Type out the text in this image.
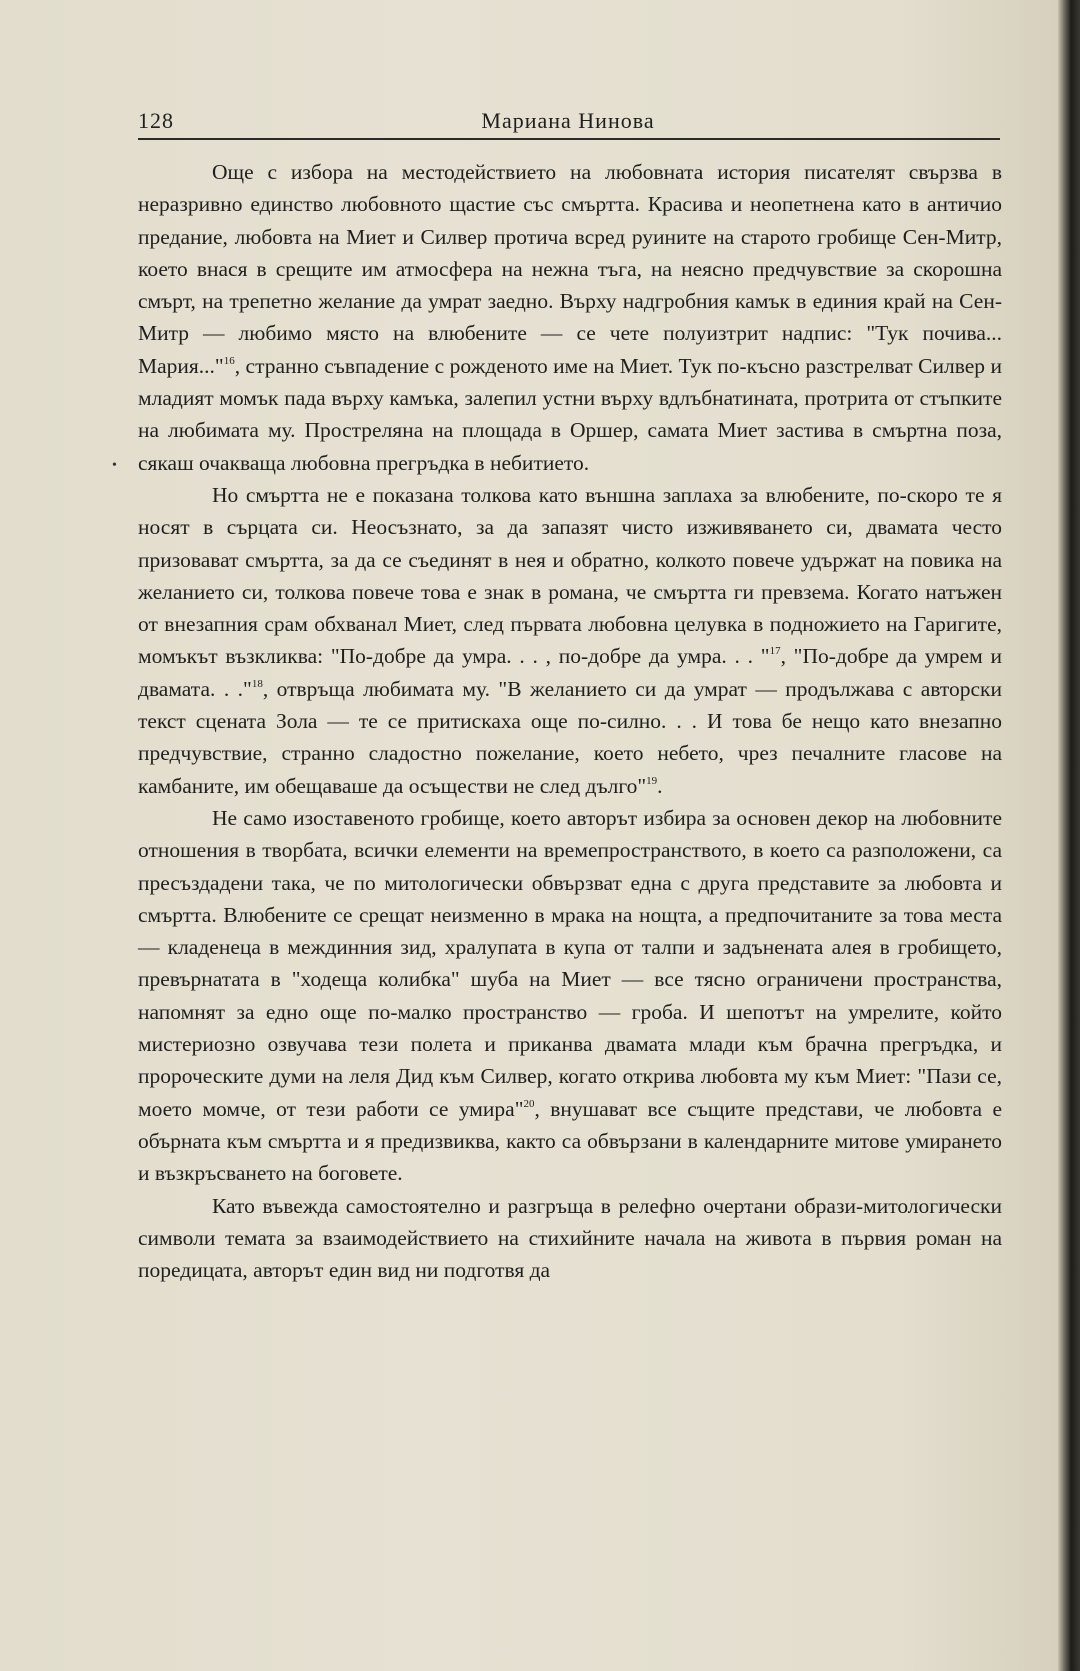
128	Мариана Нинова
•

Още с избора на местодействието на любовната история писателят свързва в неразривно единство любовното щастие със смъртта. Красива и неопетнена като в античио предание, любовта на Миет и Силвер протича всред руините на старото гробище Сен-Митр, което внася в срещите им атмосфера на нежна тъга, на неясно предчувствие за скорошна смърт, на трепетно желание да умрат заедно. Върху надгробния камък в единия край на Сен-Митр — любимо място на влюбените — се чете полуизтрит надпис: "Тук почива... Мария..."$^{16}$, странно съвпадение с рожденото име на Миет. Тук по-късно разстрелват Силвер и младият момък пада върху камъка, залепил устни върху вдлъбнатината, протрита от стъпките на любимата му. Простреляна на площада в Оршер, самата Миет застива в смъртна поза, сякаш очакваща любовна прегръдка в небитието.

Но смъртта не е показана толкова като външна заплаха за влюбените, по-скоро те я носят в сърцата си. Неосъзнато, за да запазят чисто изживяването си, двамата често призовават смъртта, за да се съединят в нея и обратно, колкото повече удържат на повика на желанието си, толкова повече това е знак в романа, че смъртта ги превзема. Когато натъжен от внезапния срам обхванал Миет, след първата любовна целувка в подножието на Гаригите, момъкът възкликва: "По-добре да умра. . . , по-добре да умра. . . "$^{17}$, "По-добре да умрем и двамата. . ."$^{18}$, отвръща любимата му. "В желанието си да умрат — продължава с авторски текст сцената Зола — те се притискаха още по-силно. . . И това бе нещо като внезапно предчувствие, странно сладостно пожелание, което небето, чрез печалните гласове на камбаните, им обещаваше да осъществи не след дълго"$^{19}$.

Не само изоставеното гробище, което авторът избира за основен декор на любовните отношения в творбата, всички елементи на времепространството, в което са разположени, са пресъздадени така, че по митологически обвързват една с друга представите за любовта и смъртта. Влюбените се срещат неизменно в мрака на нощта, а предпочитаните за това места — кладенеца в междинния зид, хралупата в купа от талпи и задънената алея в гробището, превърнатата в "ходеща колибка" шуба на Миет — все тясно ограничени пространства, напомнят за едно още по-малко пространство — гроба. И шепотът на умрелите, който мистериозно озвучава тези полета и приканва двамата млади към брачна прегръдка, и пророческите думи на леля Дид към Силвер, когато открива любовта му към Миет: "Пази се, моето момче, от тези работи се умира"$^{20}$, внушават все същите представи, че любовта е обърната към смъртта и я предизвиква, както са обвързани в календарните митове умирането и възкръсването на боговете.

Като въвежда самостоятелно и разгръща в релефно очертани образи-митологически символи темата за взаимодействието на стихийните начала на живота в първия роман на поредицата, авторът един вид ни подготвя да
